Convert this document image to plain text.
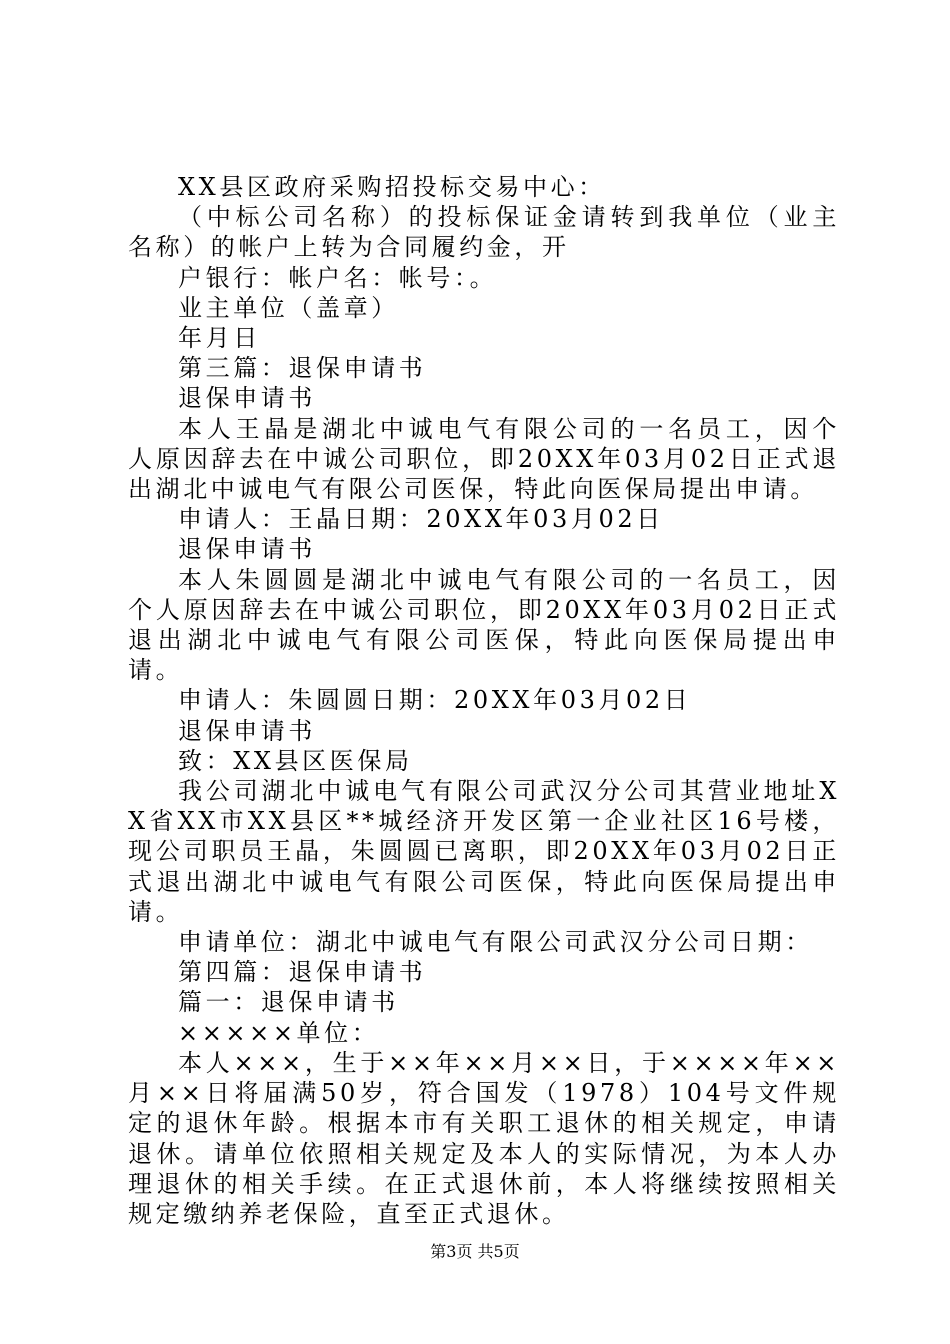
XX县区政府采购招投标交易中心：

（中标公司名称）的投标保证金请转到我单位（业主名称）的帐户上转为合同履约金，开

户银行：帐户名：帐号：。

业主单位（盖章）

年月日

第三篇：退保申请书

退保申请书

本人王晶是湖北中诚电气有限公司的一名员工，因个人原因辞去在中诚公司职位，即20XX年03月02日正式退出湖北中诚电气有限公司医保，特此向医保局提出申请。

申请人：王晶日期：20XX年03月02日

退保申请书

本人朱圆圆是湖北中诚电气有限公司的一名员工，因个人原因辞去在中诚公司职位，即20XX年03月02日正式退出湖北中诚电气有限公司医保，特此向医保局提出申请。

申请人：朱圆圆日期：20XX年03月02日

退保申请书

致：XX县区医保局

我公司湖北中诚电气有限公司武汉分公司其营业地址XX省XX市XX县区**城经济开发区第一企业社区16号楼，现公司职员王晶，朱圆圆已离职，即20XX年03月02日正式退出湖北中诚电气有限公司医保，特此向医保局提出申请。

申请单位：湖北中诚电气有限公司武汉分公司日期：

第四篇：退保申请书

篇一：退保申请书

×××××单位：

本人×××，生于××年××月××日，于××××年××月××日将届满50岁，符合国发（1978）104号文件规定的退休年龄。根据本市有关职工退休的相关规定，申请退休。请单位依照相关规定及本人的实际情况，为本人办理退休的相关手续。在正式退休前，本人将继续按照相关规定缴纳养老保险，直至正式退休。

第3页 共5页
